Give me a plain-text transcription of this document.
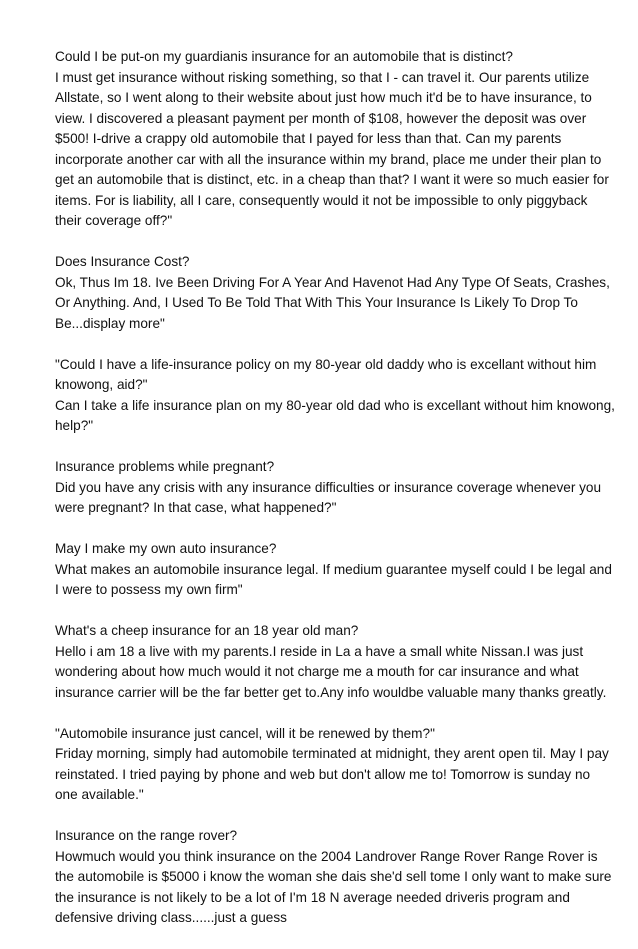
Could I be put-on my guardianis insurance for an automobile that is distinct?
I must get insurance without risking something, so that I - can travel it. Our parents utilize
Allstate, so I went along to their website about just how much it'd be to have insurance, to
view. I discovered a pleasant payment per month of $108, however the deposit was over
$500! I-drive a crappy old automobile that I payed for less than that. Can my parents
incorporate another car with all the insurance within my brand, place me under their plan to
get an automobile that is distinct, etc. in a cheap than that? I want it were so much easier for
items. For is liability, all I care, consequently would it not be impossible to only piggyback
their coverage off?"
Does Insurance Cost?
Ok, Thus Im 18. Ive Been Driving For A Year And Havenot Had Any Type Of Seats, Crashes,
Or Anything. And, I Used To Be Told That With This Your Insurance Is Likely To Drop To
Be...display more"
"Could I have a life-insurance policy on my 80-year old daddy who is excellant without him
knowong, aid?"
Can I take a life insurance plan on my 80-year old dad who is excellant without him knowong,
help?"
Insurance problems while pregnant?
Did you have any crisis with any insurance difficulties or insurance coverage whenever you
were pregnant? In that case, what happened?"
May I make my own auto insurance?
What makes an automobile insurance legal. If medium guarantee myself could I be legal and
I were to possess my own firm"
What's a cheep insurance for an 18 year old man?
Hello i am 18 a live with my parents.I reside in La a have a small white Nissan.I was just
wondering about how much would it not charge me a mouth for car insurance and what
insurance carrier will be the far better get to.Any info wouldbe valuable many thanks greatly.
"Automobile insurance just cancel, will it be renewed by them?"
Friday morning, simply had automobile terminated at midnight, they arent open til. May I pay
reinstated. I tried paying by phone and web but don't allow me to! Tomorrow is sunday no
one available."
Insurance on the range rover?
Howmuch would you think insurance on the 2004 Landrover Range Rover Range Rover is
the automobile is $5000 i know the woman she dais she'd sell tome I only want to make sure
the insurance is not likely to be a lot of I'm 18 N average needed driveris program and
defensive driving class......just a guess
